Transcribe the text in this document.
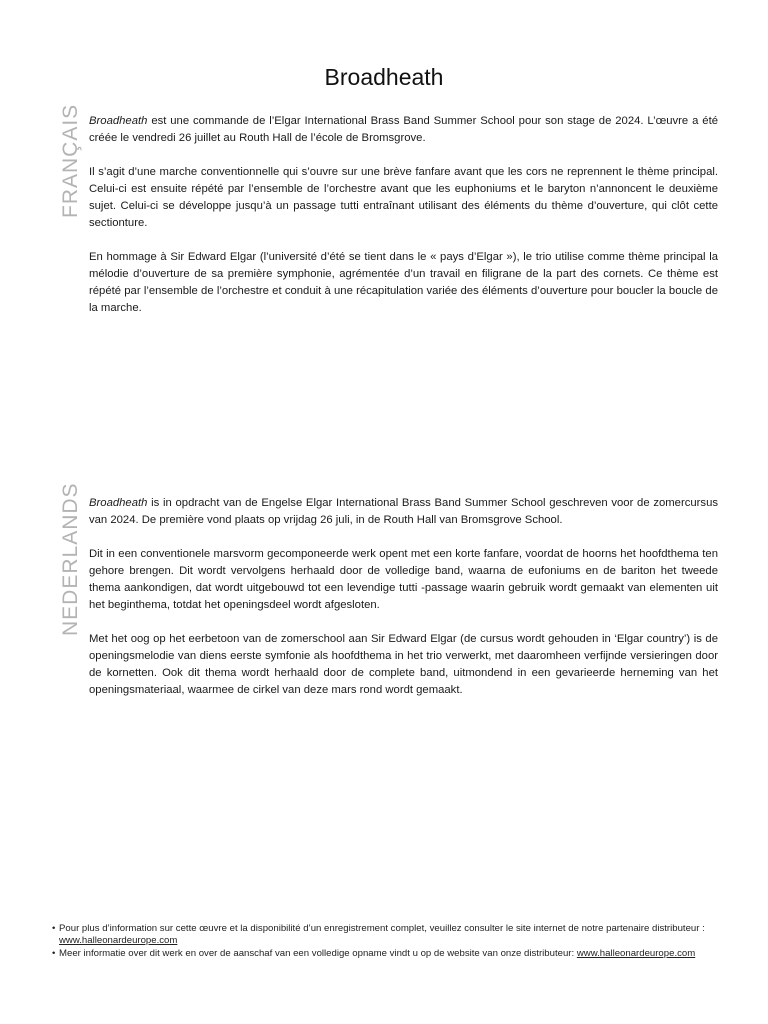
Broadheath
FRANÇAIS Broadheath est une commande de l’Elgar International Brass Band Summer School pour son stage de 2024. L’œuvre a été créée le vendredi 26 juillet au Routh Hall de l’école de Bromsgrove.

Il s’agit d’une marche conventionnelle qui s’ouvre sur une brève fanfare avant que les cors ne reprennent le thème principal. Celui-ci est ensuite répété par l’ensemble de l’orchestre avant que les euphoniums et le baryton n’annoncent le deuxième sujet. Celui-ci se développe jusqu’à un passage tutti entraînant utilisant des éléments du thème d’ouverture, qui clôt cette sectionture.

En hommage à Sir Edward Elgar (l’université d’été se tient dans le « pays d’Elgar »), le trio utilise comme thème principal la mélodie d’ouverture de sa première symphonie, agrémentée d’un travail en filigrane de la part des cornets. Ce thème est répété par l’ensemble de l’orchestre et conduit à une récapitulation variée des éléments d’ouverture pour boucler la boucle de la marche.

NEDERLANDS Broadheath is in opdracht van de Engelse Elgar International Brass Band Summer School geschreven voor de zomercursus van 2024. De première vond plaats op vrijdag 26 juli, in de Routh Hall van Bromsgrove School.

Dit in een conventionele marsvorm gecomponeerde werk opent met een korte fanfare, voordat de hoorns het hoofdthema ten gehore brengen. Dit wordt vervolgens herhaald door de volledige band, waarna de eufoniums en de bariton het tweede thema aankondigen, dat wordt uitgebouwd tot een levendige tutti -passage waarin gebruik wordt gemaakt van elementen uit het beginthema, totdat het openingsdeel wordt afgesloten.

Met het oog op het eerbetoon van de zomerschool aan Sir Edward Elgar (de cursus wordt gehouden in ‘Elgar country’) is de openingsmelodie van diens eerste symfonie als hoofdthema in het trio verwerkt, met daaromheen verfijnde versieringen door de kornetten. Ook dit thema wordt herhaald door de complete band, uitmondend in een gevarieerde herneming van het openingsmateriaal, waarmee de cirkel van deze mars rond wordt gemaakt.

• Pour plus d’information sur cette œuvre et la disponibilité d’un enregistrement complet, veuillez consulter le site internet de notre partenaire distributeur : www.halleonardeurope.com
• Meer informatie over dit werk en over de aanschaf van een volledige opname vindt u op de website van onze distributeur: www.halleonardeurope.com
